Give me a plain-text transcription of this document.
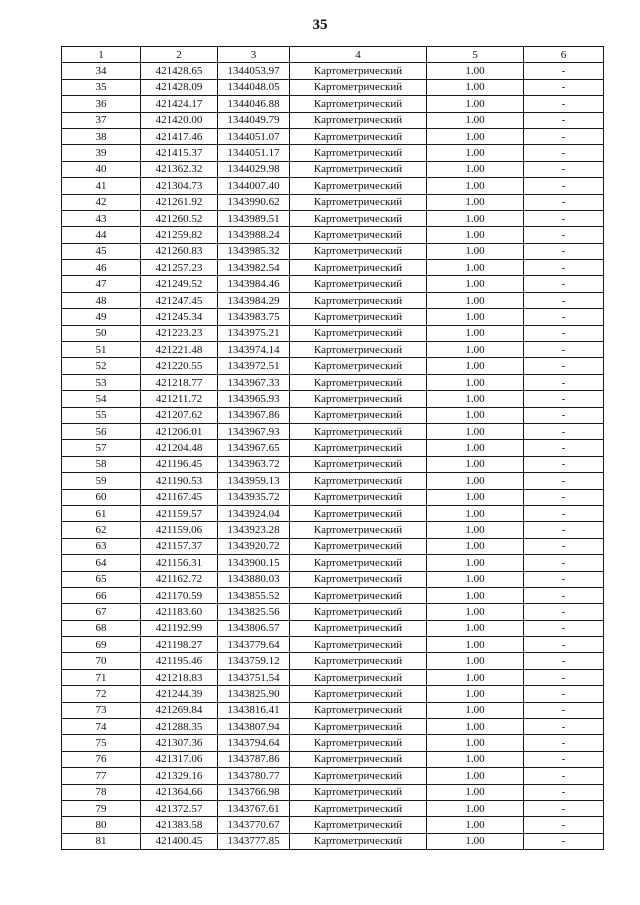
35
1	2	3	4	5	6
34	421428.65	1344053.97	Картометрический	1.00	-
35	421428.09	1344048.05	Картометрический	1.00	-
36	421424.17	1344046.88	Картометрический	1.00	-
37	421420.00	1344049.79	Картометрический	1.00	-
38	421417.46	1344051.07	Картометрический	1.00	-
39	421415.37	1344051.17	Картометрический	1.00	-
40	421362.32	1344029.98	Картометрический	1.00	-
41	421304.73	1344007.40	Картометрический	1.00	-
42	421261.92	1343990.62	Картометрический	1.00	-
43	421260.52	1343989.51	Картометрический	1.00	-
44	421259.82	1343988.24	Картометрический	1.00	-
45	421260.83	1343985.32	Картометрический	1.00	-
46	421257.23	1343982.54	Картометрический	1.00	-
47	421249.52	1343984.46	Картометрический	1.00	-
48	421247.45	1343984.29	Картометрический	1.00	-
49	421245.34	1343983.75	Картометрический	1.00	-
50	421223.23	1343975.21	Картометрический	1.00	-
51	421221.48	1343974.14	Картометрический	1.00	-
52	421220.55	1343972.51	Картометрический	1.00	-
53	421218.77	1343967.33	Картометрический	1.00	-
54	421211.72	1343965.93	Картометрический	1.00	-
55	421207.62	1343967.86	Картометрический	1.00	-
56	421206.01	1343967.93	Картометрический	1.00	-
57	421204.48	1343967.65	Картометрический	1.00	-
58	421196.45	1343963.72	Картометрический	1.00	-
59	421190.53	1343959.13	Картометрический	1.00	-
60	421167.45	1343935.72	Картометрический	1.00	-
61	421159.57	1343924.04	Картометрический	1.00	-
62	421159.06	1343923.28	Картометрический	1.00	-
63	421157.37	1343920.72	Картометрический	1.00	-
64	421156.31	1343900.15	Картометрический	1.00	-
65	421162.72	1343880.03	Картометрический	1.00	-
66	421170.59	1343855.52	Картометрический	1.00	-
67	421183.60	1343825.56	Картометрический	1.00	-
68	421192.99	1343806.57	Картометрический	1.00	-
69	421198.27	1343779.64	Картометрический	1.00	-
70	421195.46	1343759.12	Картометрический	1.00	-
71	421218.83	1343751.54	Картометрический	1.00	-
72	421244.39	1343825.90	Картометрический	1.00	-
73	421269.84	1343816.41	Картометрический	1.00	-
74	421288.35	1343807.94	Картометрический	1.00	-
75	421307.36	1343794.64	Картометрический	1.00	-
76	421317.06	1343787.86	Картометрический	1.00	-
77	421329.16	1343780.77	Картометрический	1.00	-
78	421364.66	1343766.98	Картометрический	1.00	-
79	421372.57	1343767.61	Картометрический	1.00	-
80	421383.58	1343770.67	Картометрический	1.00	-
81	421400.45	1343777.85	Картометрический	1.00	-
